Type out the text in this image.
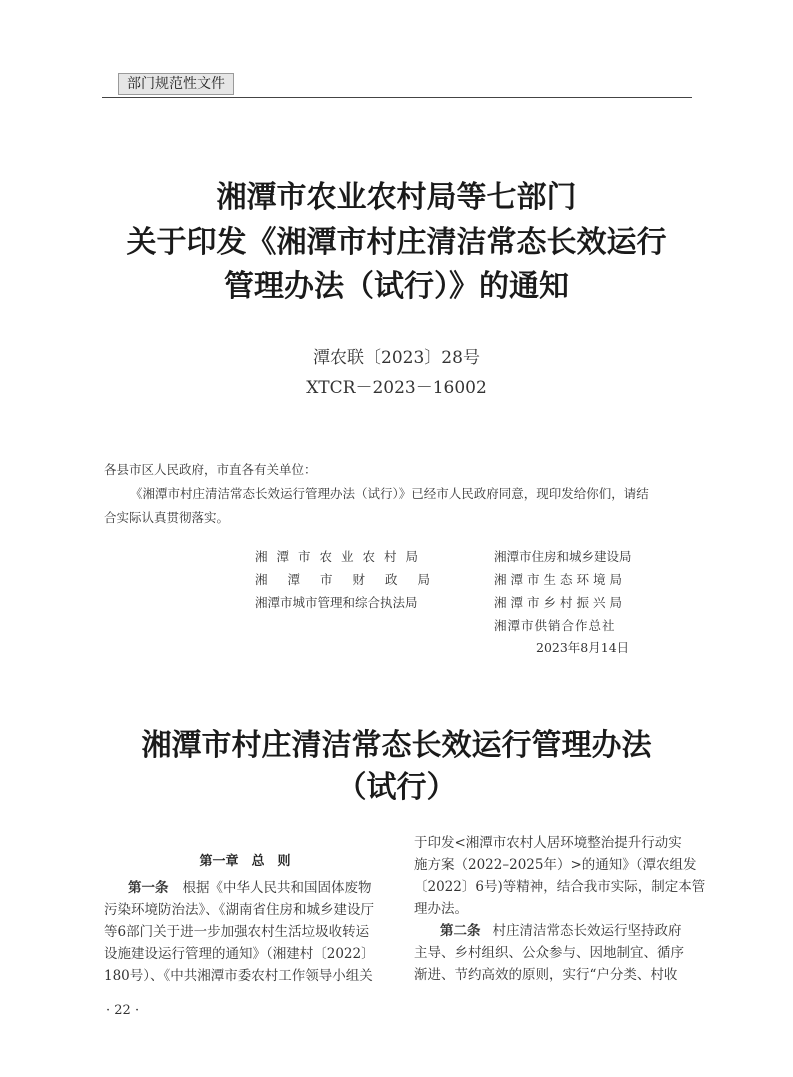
部门规范性文件
湘潭市农业农村局等七部门
关于印发《湘潭市村庄清洁常态长效运行
管理办法（试行）》的通知
潭农联〔2023〕28号
XTCR－2023－16002
各县市区人民政府，市直各有关单位：
《湘潭市村庄清洁常态长效运行管理办法（试行）》已经市人民政府同意，现印发给你们，请结
合实际认真贯彻落实。
湘潭市农业农村局
湘潭市财政局
湘潭市城市管理和综合执法局
湘潭市住房和城乡建设局
湘潭市生态环境局
湘潭市乡村振兴局
湘潭市供销合作总社
2023年8月14日
湘潭市村庄清洁常态长效运行管理办法
（试行）
第一章　总　则

第一条 根据《中华人民共和国固体废物

污染环境防治法》、《湖南省住房和城乡建设厅

等6部门关于进一步加强农村生活垃圾收转运

设施建设运行管理的通知》（湘建村〔2022〕

180号）、《中共湘潭市委农村工作领导小组关

于印发<湘潭市农村人居环境整治提升行动实

施方案（2022–2025年）>的通知》（潭农组发

〔2022〕6号)等精神，结合我市实际，制定本管

理办法。

第二条 村庄清洁常态长效运行坚持政府

主导、乡村组织、公众参与、因地制宜、循序

渐进、节约高效的原则，实行“户分类、村收

· 22 ·
